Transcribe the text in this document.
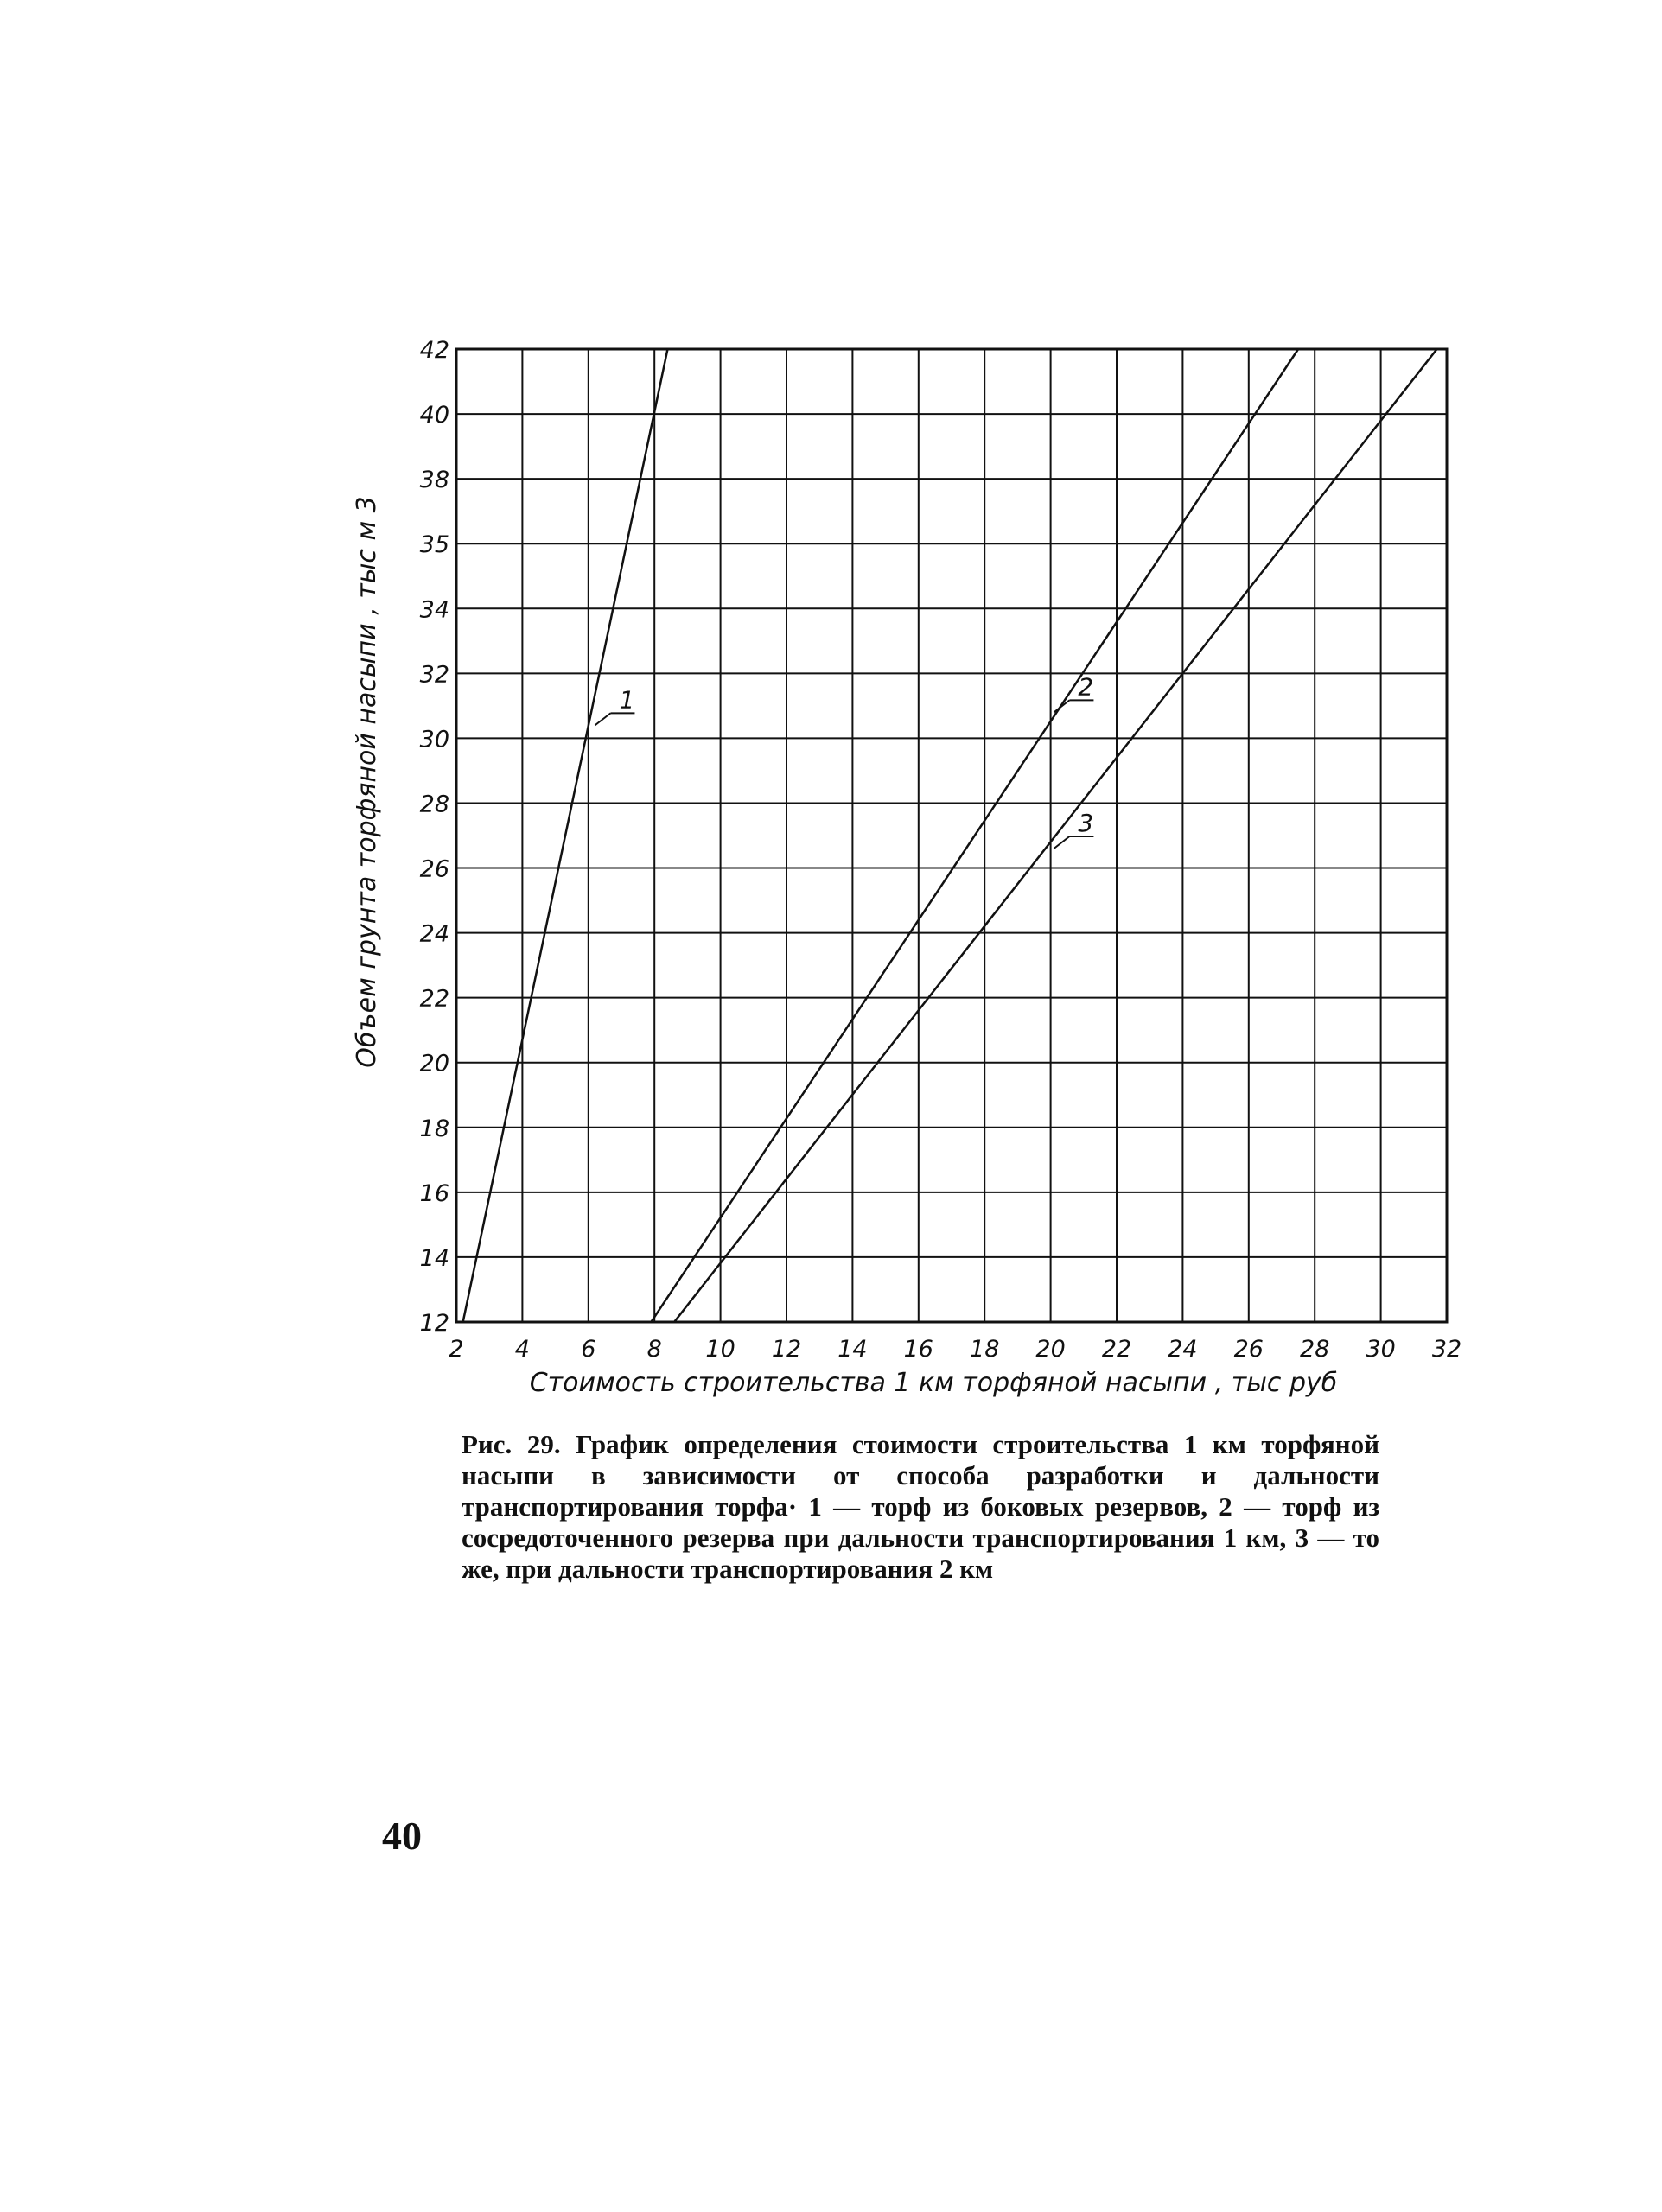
2 4 6 8 10 12 14 16 18 20 22 24 26 28 30 32
12
14
16
18
20
22
24
26
28
30
32
34
35
38
40
42
1	2
3
Стоимость строительства 1 км торфяной насыпи , тыс руб
Объем грунта торфяной насыпи , тыс м 3
Рис. 29. График определения стоимости строительства 1 км торфяной насыпи в зависимости от способа разработки и дальности транспортирования торфа· 1 — торф из боковых резервов, 2 — торф из сосредоточенного резерва при дальности транспортирования 1 км, 3 — то же, при дальности транспортирования 2 км
40
